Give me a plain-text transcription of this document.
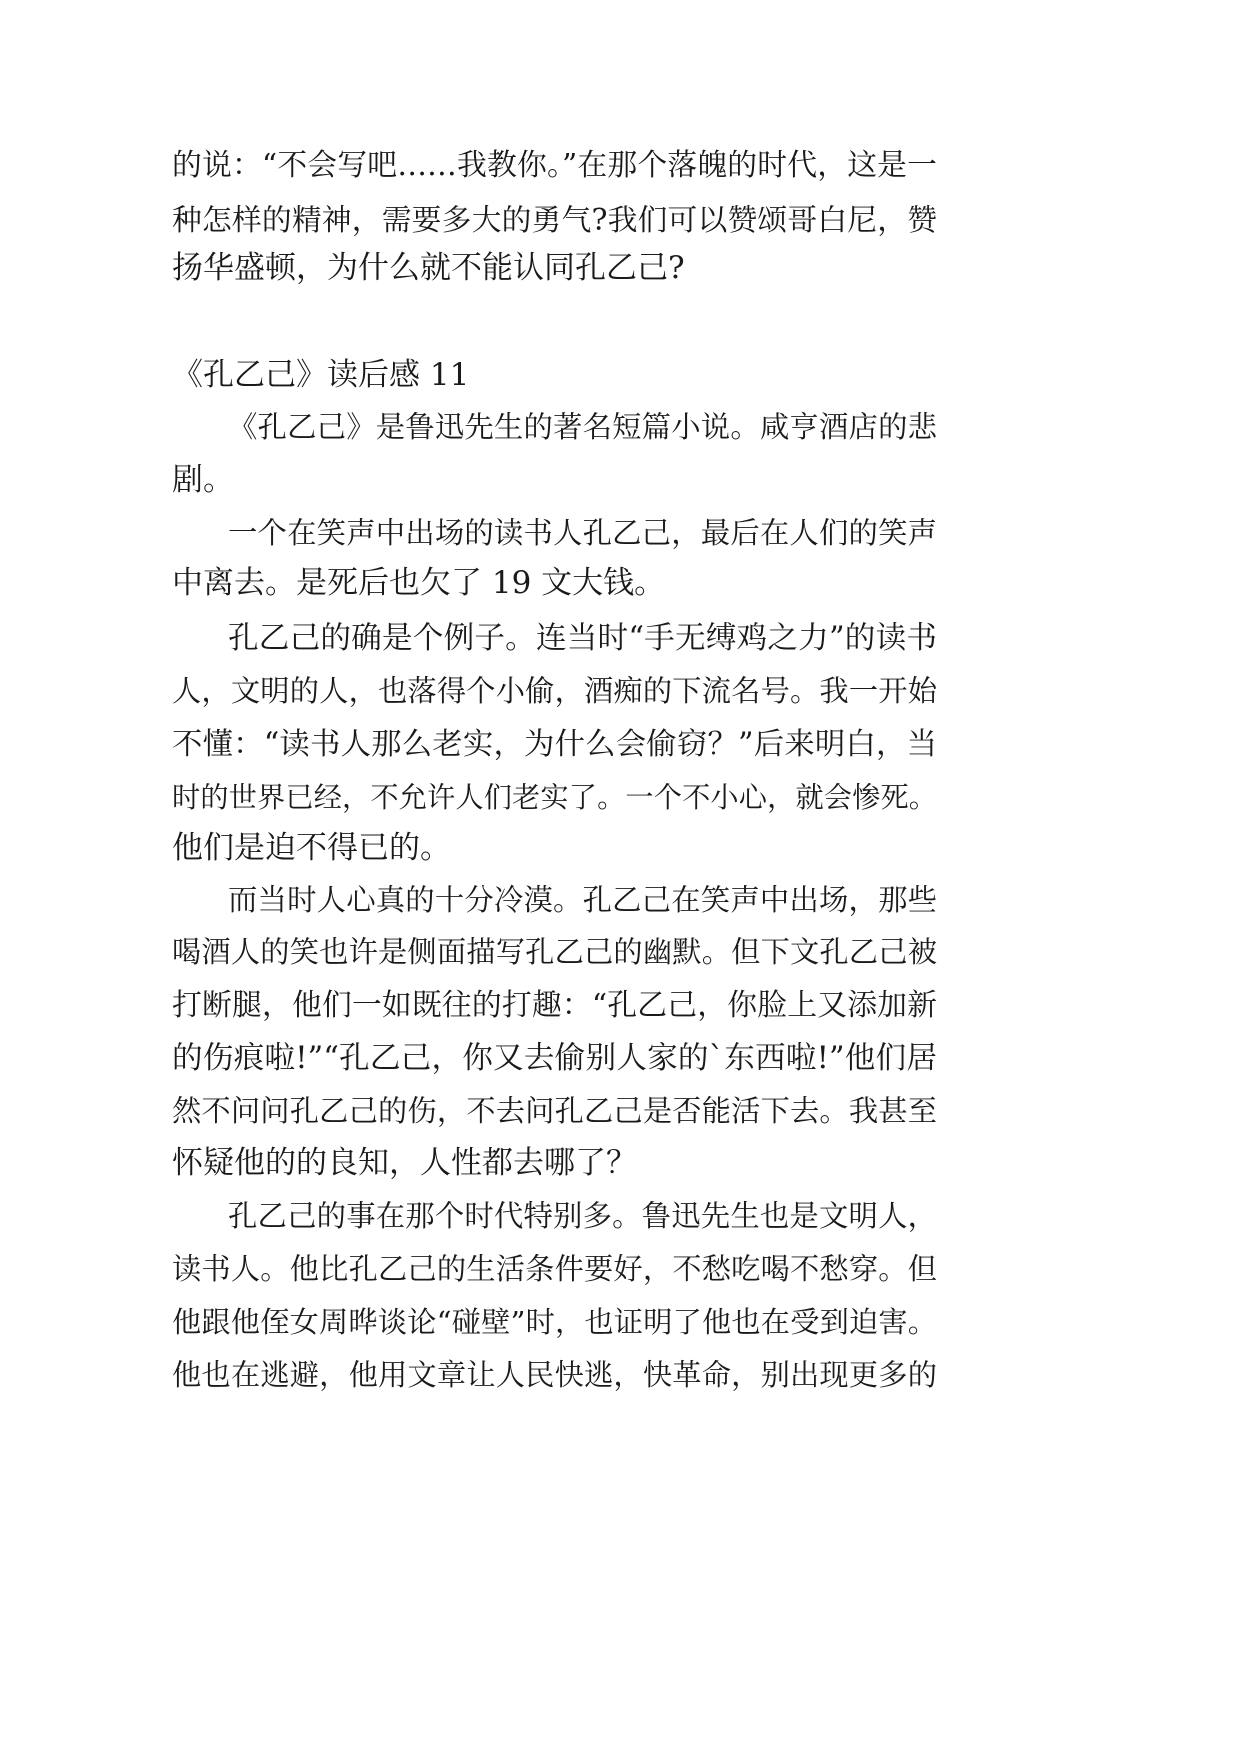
的说：“不会写吧……我教你。”在那个落魄的时代，这是一
种怎样的精神，需要多大的勇气?我们可以赞颂哥白尼，赞
扬华盛顿，为什么就不能认同孔乙己?
《孔乙己》读后感 11
《孔乙己》是鲁迅先生的著名短篇小说。咸亨酒店的悲
剧。
一个在笑声中出场的读书人孔乙己，最后在人们的笑声
中离去。是死后也欠了 19 文大钱。
孔乙己的确是个例子。连当时“手无缚鸡之力”的读书
人，文明的人，也落得个小偷，酒痴的下流名号。我一开始
不懂：“读书人那么老实，为什么会偷窃？”后来明白，当
时的世界已经，不允许人们老实了。一个不小心，就会惨死。
他们是迫不得已的。
而当时人心真的十分冷漠。孔乙己在笑声中出场，那些
喝酒人的笑也许是侧面描写孔乙己的幽默。但下文孔乙己被
打断腿，他们一如既往的打趣：“孔乙己，你脸上又添加新
的伤痕啦!”“孔乙己，你又去偷别人家的`东西啦!”他们居
然不问问孔乙己的伤，不去问孔乙己是否能活下去。我甚至
怀疑他的的良知，人性都去哪了？
孔乙己的事在那个时代特别多。鲁迅先生也是文明人，
读书人。他比孔乙己的生活条件要好，不愁吃喝不愁穿。但
他跟他侄女周晔谈论“碰壁”时，也证明了他也在受到迫害。
他也在逃避，他用文章让人民快逃，快革命，别出现更多的
